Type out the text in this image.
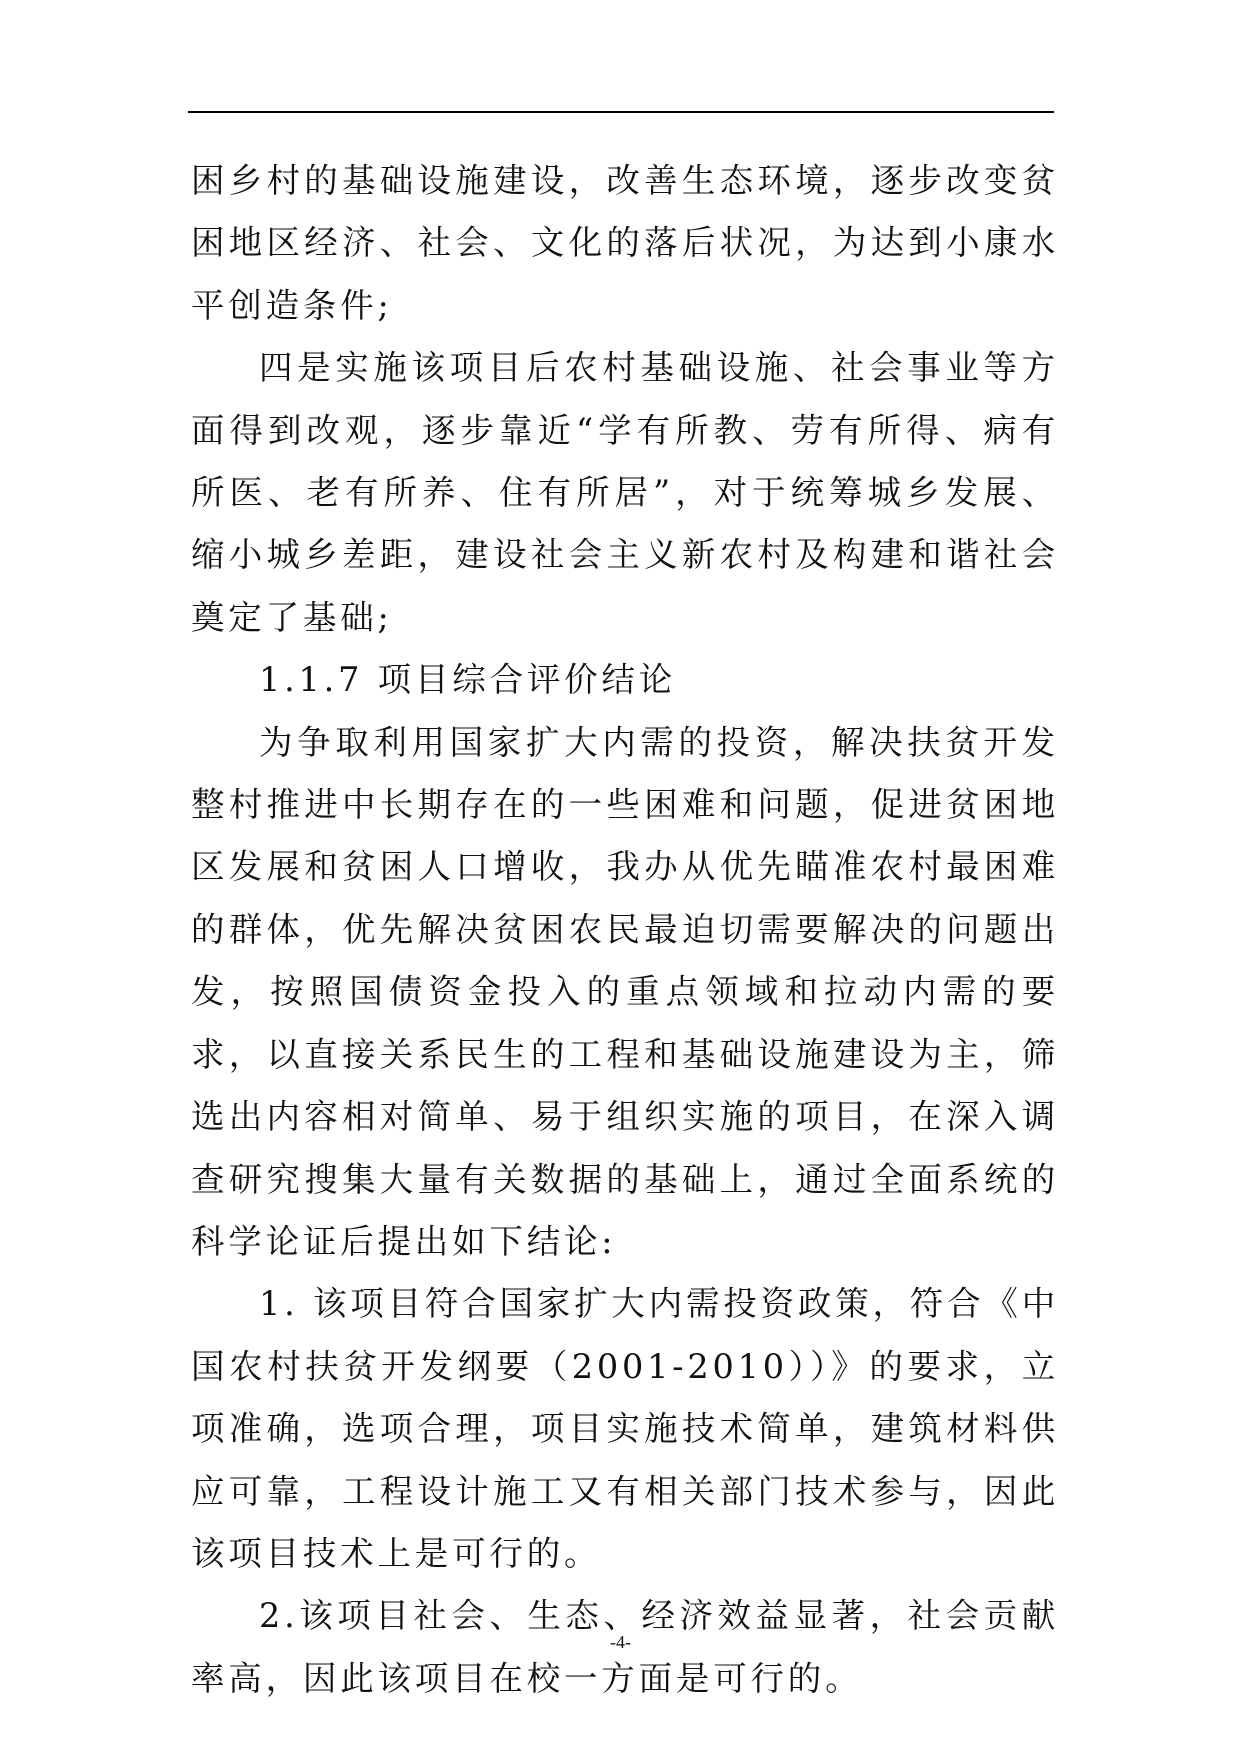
困乡村的基础设施建设，改善生态环境，逐步改变贫困地区经济、社会、文化的落后状况，为达到小康水平创造条件;

四是实施该项目后农村基础设施、社会事业等方面得到改观，逐步靠近“学有所教、劳有所得、病有所医、老有所养、住有所居”，对于统筹城乡发展、缩小城乡差距，建设社会主义新农村及构建和谐社会奠定了基础;

1.1.7 项目综合评价结论

为争取利用国家扩大内需的投资，解决扶贫开发整村推进中长期存在的一些困难和问题，促进贫困地区发展和贫困人口增收，我办从优先瞄准农村最困难的群体，优先解决贫困农民最迫切需要解决的问题出发，按照国债资金投入的重点领域和拉动内需的要求，以直接关系民生的工程和基础设施建设为主，筛选出内容相对简单、易于组织实施的项目，在深入调查研究搜集大量有关数据的基础上，通过全面系统的科学论证后提出如下结论:

1. 该项目符合国家扩大内需投资政策，符合《中国农村扶贫开发纲要（2001-2010））》的要求，立项准确，选项合理，项目实施技术简单，建筑材料供应可靠，工程设计施工又有相关部门技术参与，因此该项目技术上是可行的。

2.该项目社会、生态、经济效益显著，社会贡献率高，因此该项目在校一方面是可行的。

-4-
